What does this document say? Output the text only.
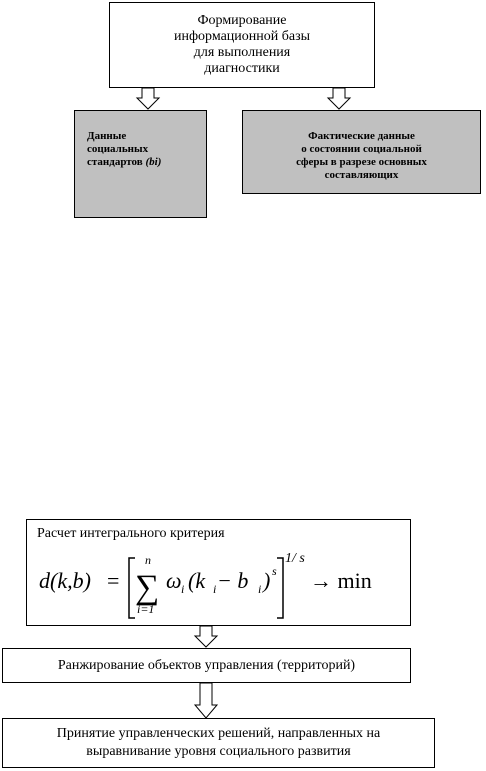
Формирование
информационной базы
для выполнения
диагностики

Данные
социальных
стандартов (bi)

Фактические данные
о состоянии социальной
сферы в разрезе основных
составляющих

Расчет интегрального критерия
d(k,b) =
n
∑
i=1
ω i (k i − b i ) s
1/ s
→ min
Ранжирование объектов управления (территорий)
Принятие управленческих решений, направленных на
выравнивание уровня социального развития
